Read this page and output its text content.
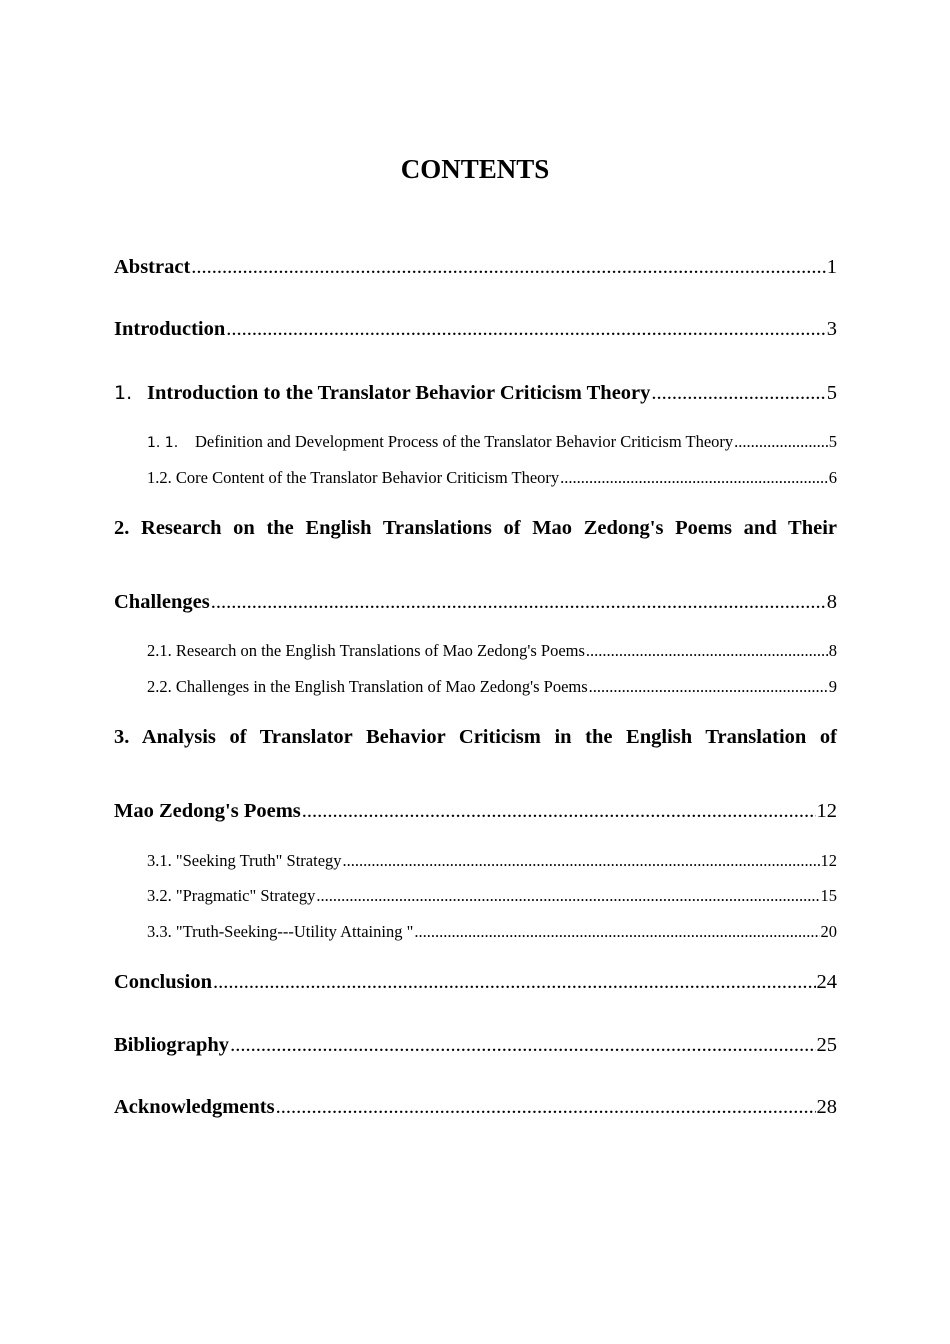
CONTENTS
Abstract .....	1
Introduction .....	3
1. Introduction to the Translator Behavior Criticism Theory .....	5
1. 1. Definition and Development Process of the Translator Behavior Criticism Theory .....	5
1.2. Core Content of the Translator Behavior Criticism Theory .....	6
2. Research on the English Translations of Mao Zedong's Poems and Their
Challenges .....	8
2.1. Research on the English Translations of Mao Zedong's Poems .....	8
2.2. Challenges in the English Translation of Mao Zedong's Poems .....	9
3. Analysis of Translator Behavior Criticism in the English Translation of
Mao Zedong's Poems .....	12
3.1. "Seeking Truth" Strategy .....	12
3.2. "Pragmatic" Strategy .....	15
3.3. "Truth-Seeking---Utility Attaining " .....	20
Conclusion .....	24
Bibliography .....	25
Acknowledgments .....	28
